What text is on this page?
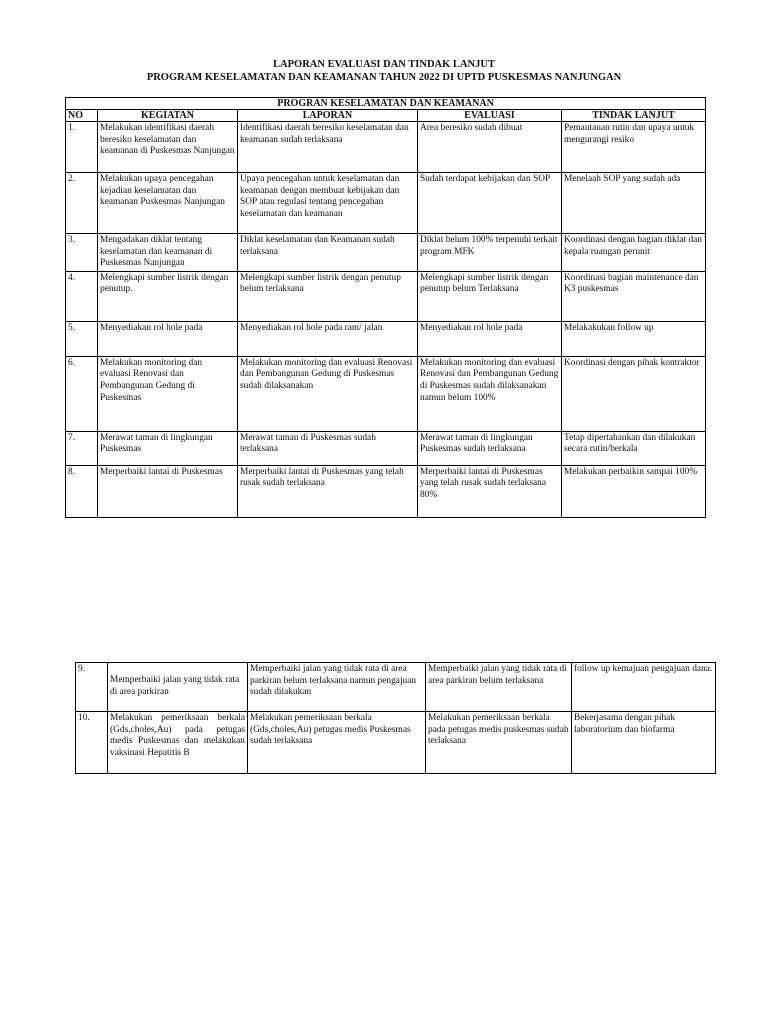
LAPORAN EVALUASI DAN TINDAK LANJUT
PROGRAM KESELAMATAN DAN KEAMANAN TAHUN 2022 DI UPTD PUSKESMAS NANJUNGAN
PROGRAN KESELAMATAN DAN KEAMANAN				
NO	KEGIATAN	LAPORAN	EVALUASI	TINDAK LANJUT
1.	Melakukan identifikasi daerah beresiko keselamatan dan keamanan di Puskesmas Nanjungan	Identifikasi daerah beresiko keselamatan dan keamanan sudah terlaksana	Area beresiko sudah dibuat	Pemantauan rutin dan upaya untuk mengurangi resiko
2.	Melakukan upaya pencegahan kejadian keselamatan dan keamanan Puskesmas Nanjungan	Upaya pencegahan untuk keselamatan dan keamanan dengan membuat kebijakan dan SOP atau regulasi tentang pencegahan keselamatan dan keamanan	Sudah terdapat kebijakan dan SOP	Menelaah SOP yang sudah ada
3.	Mengadakan diklat tentang keselamatan dan keamanan di Puskesmas Nanjungan	Diklat keselamatan dan Keamanan sudah terlaksana	Diklat belum 100% terpenuhi terkait program MFK	Koordinasi dengan bagian diklat dan kepala ruangan perunit
4.	Melengkapi sumber listrik dengan penutup.	Melengkapi sumber listrik dengan penutup belum terlaksana	Melengkapi sumber listrik dengan penutup belum Terlaksana	Koordinasi bagian maintenance dan K3 puskesmas
5.	Menyediakan rol hole pada	Menyediakan rol hole pada ram/ jalan	Menyediakan rol hole pada	Melakakukan follow up
6.	Melakukan monitoring dan evaluasi Renovasi dan Pembangunan Gedung di Puskesmas	Melakukan monitoring dan evaluasi Renovasi dan Pembangunan Gedung di Puskesmas sudah dilaksanakan	Melakukan monitoring dan evaluasi Renovasi dan Pembangunan Gedung di Puskesmas sudah dilaksanakan namun belum 100%	Koordinasi dengan pihak kontraktor
7.	Merawat taman di lingkungan Puskesmas	Merawat taman di Puskesmas sudah terlaksana	Merawat taman di lingkungan Puskesmas sudah terlaksana	Tetap dipertahankan dan dilakukan secara rutin/berkala
8.	Merperbaiki lantai di Puskesmas	Merperbaiki lantai di Puskesmas yang telah rusak sudah terlaksana	Merperbaiki lantai di Puskesmas yang telah rusak sudah terlaksana 80%	Melakukan perbaikin sampai 100%
9.	Memperbaiki jalan yang tidak rata di area parkiran	Memperbaiki jalan yang tidak rata di area parkiran belum terlaksana namun pengajuan sudah dilakukan	Memperbaiki jalan yang tidak rata di area parkiran belum terlaksana	follow up kemajuan pengajuan dana.
10.	Melakukan pemeriksaan berkala (Gds,choles,Au) pada petugas medis Puskesmas dan melakukan vaksinasi Hepatitis B	Melakukan pemeriksaan berkala (Gds,choles,Au) petugas medis Puskesmas sudah terlaksana	Melakukan pemeriksaan berkala pada petugas medis puskesmas sudah terlaksana	Bekerjasama dengan pihak laboratorium dan biofarma
